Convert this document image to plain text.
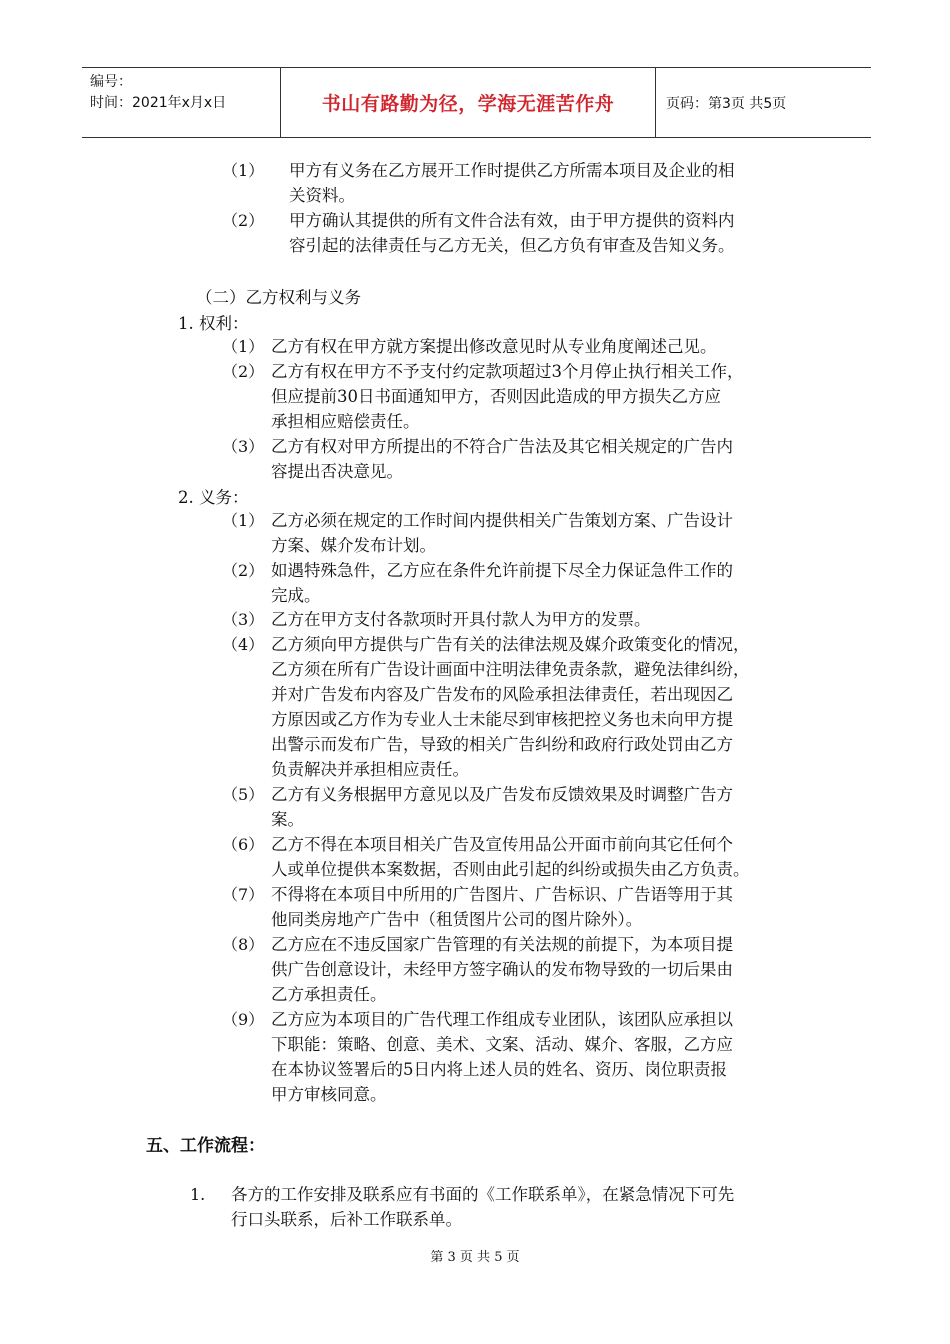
编号：
时间：2021年x月x日	书山有路勤为径，学海无涯苦作舟	页码：第3页 共5页
（1） 甲方有义务在乙方展开工作时提供乙方所需本项目及企业的相
关资料。
（2） 甲方确认其提供的所有文件合法有效，由于甲方提供的资料内
容引起的法律责任与乙方无关，但乙方负有审查及告知义务。
（二）乙方权利与义务
1. 权利：
（1） 乙方有权在甲方就方案提出修改意见时从专业角度阐述己见。
（2） 乙方有权在甲方不予支付约定款项超过3个月停止执行相关工作，
但应提前30日书面通知甲方，否则因此造成的甲方损失乙方应
承担相应赔偿责任。
（3） 乙方有权对甲方所提出的不符合广告法及其它相关规定的广告内
容提出否决意见。
2. 义务：
（1） 乙方必须在规定的工作时间内提供相关广告策划方案、广告设计
方案、媒介发布计划。
（2） 如遇特殊急件，乙方应在条件允许前提下尽全力保证急件工作的
完成。
（3） 乙方在甲方支付各款项时开具付款人为甲方的发票。
（4） 乙方须向甲方提供与广告有关的法律法规及媒介政策变化的情况，
乙方须在所有广告设计画面中注明法律免责条款，避免法律纠纷，
并对广告发布内容及广告发布的风险承担法律责任，若出现因乙
方原因或乙方作为专业人士未能尽到审核把控义务也未向甲方提
出警示而发布广告，导致的相关广告纠纷和政府行政处罚由乙方
负责解决并承担相应责任。
（5） 乙方有义务根据甲方意见以及广告发布反馈效果及时调整广告方
案。
（6） 乙方不得在本项目相关广告及宣传用品公开面市前向其它任何个
人或单位提供本案数据，否则由此引起的纠纷或损失由乙方负责。
（7） 不得将在本项目中所用的广告图片、广告标识、广告语等用于其
他同类房地产广告中（租赁图片公司的图片除外）。
（8） 乙方应在不违反国家广告管理的有关法规的前提下，为本项目提
供广告创意设计，未经甲方签字确认的发布物导致的一切后果由
乙方承担责任。
（9） 乙方应为本项目的广告代理工作组成专业团队，该团队应承担以
下职能：策略、创意、美术、文案、活动、媒介、客服，乙方应
在本协议签署后的5日内将上述人员的姓名、资历、岗位职责报
甲方审核同意。
五、工作流程：
1. 各方的工作安排及联系应有书面的《工作联系单》，在紧急情况下可先
行口头联系，后补工作联系单。
第 3 页 共 5 页
